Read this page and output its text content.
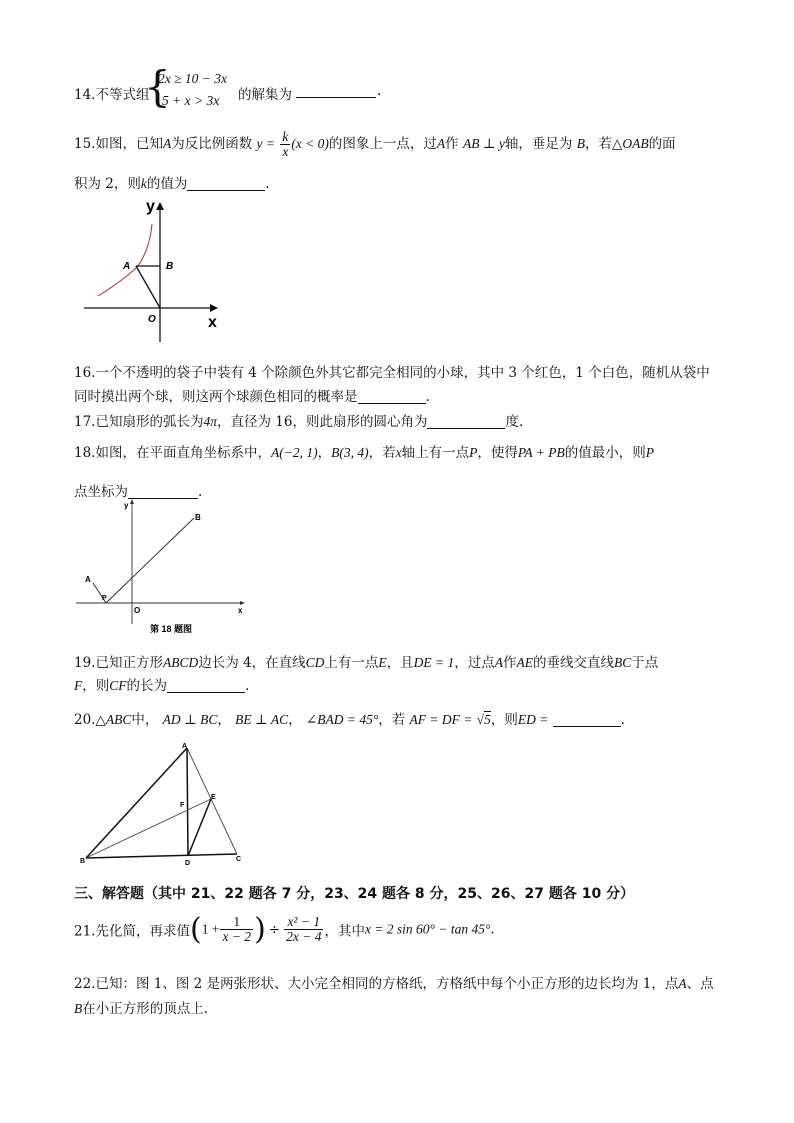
14.不等式组
{
2x ≥ 10 − 3x
5 + x > 3x 的解集为	.
15.如图，已知A为反比例函数 $y = \frac{k}{x} (x < 0)$的图象上一点，过A作 AB ⊥ y轴，垂足为 B，若△OAB的面
积为 2，则k的值为	.
y
A	B
O	x
16.一个不透明的袋子中装有 4 个除颜色外其它都完全相同的小球，其中 3 个红色，1 个白色，随机从袋中
同时摸出两个球，则这两个球颜色相同的概率是	.
17.已知扇形的弧长为4π，直径为 16，则此扇形的圆心角为	度.
18.如图，在平面直角坐标系中，A(−2, 1)，B(3, 4)，若x轴上有一点P，使得PA + PB的值最小，则P
点坐标为	.
y
B
A
P
O	x
第 18 题图
19.已知正方形ABCD边长为 4，在直线CD上有一点E，且DE = 1，过点A作AE的垂线交直线BC于点
F，则CF的长为	.
20.△ABC中， AD ⊥ BC， BE ⊥ AC， ∠BAD = 45°，若 AF = DF = √5，则ED =	.
A
E
F
B	D
C
三、解答题（其中 21、22 题各 7 分，23、24 题各 8 分，25、26、27 题各 10 分）
21.先化简，再求值($1 + \frac{1}{x - 2}$ ) ÷ $\frac{\text{x² − 1}}{2x - 4}$ ，其中x = 2 sin 60° − tan 45°.
22.已知：图 1、图 2 是两张形状、大小完全相同的方格纸，方格纸中每个小正方形的边长均为 1，点A、点
B在小正方形的顶点上.
